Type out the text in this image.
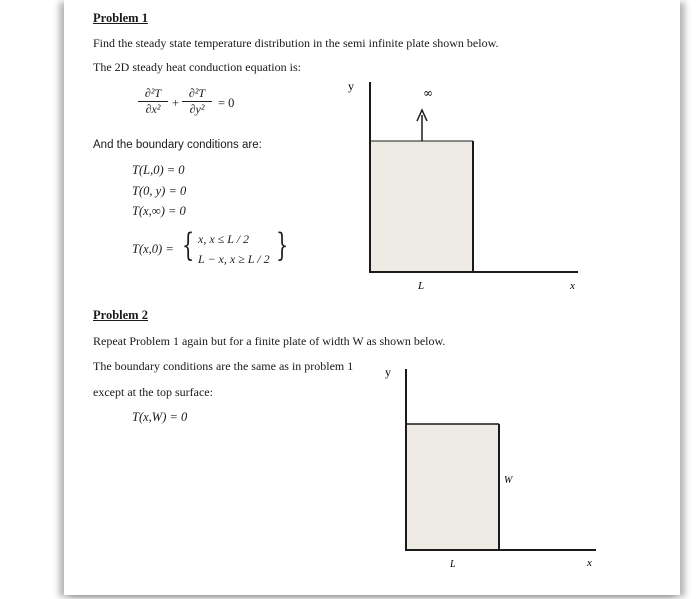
Problem 1
Find the steady state temperature distribution in the semi infinite plate shown below.
The 2D steady heat conduction equation is:
∂²T
∂x² +
∂²T
∂y²	= 0
And the boundary conditions are:
T(L,0) = 0
T(0, y) = 0
T(x,∞) = 0
T(x,0) = { x, x ≤ L / 2
L − x, x ≥ L / 2 }
Problem 2
Repeat Problem 1 again but for a finite plate of width W as shown below.
The boundary conditions are the same as in problem 1
except at the top surface:
T(x,W) = 0
y	∞
L	x
y
W
L	x
